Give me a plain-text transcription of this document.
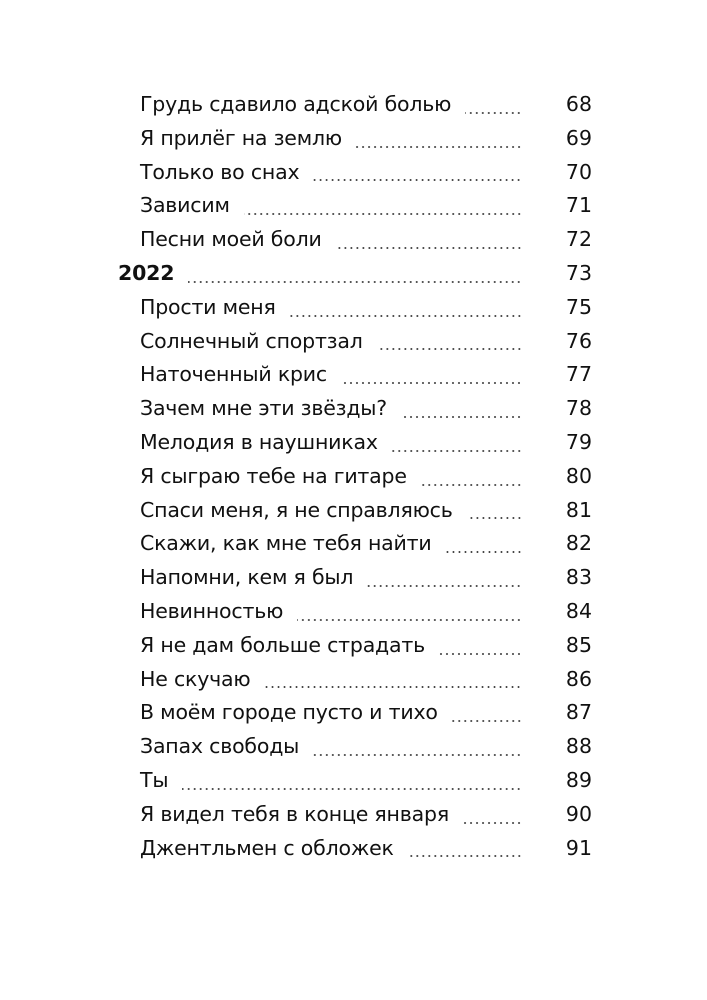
Грудь сдавило адской болью	68
Я прилёг на землю	69
Только во снах	70
Зависим	71
Песни моей боли	72
2022	73
Прости меня	75
Солнечный спортзал	76
Наточенный крис	77
Зачем мне эти звёзды?	78
Мелодия в наушниках	79
Я сыграю тебе на гитаре	80
Спаси меня, я не справляюсь	81
Скажи, как мне тебя найти	82
Напомни, кем я был	83
Невинностью	84
Я не дам больше страдать	85
Не скучаю	86
В моём городе пусто и тихо	87
Запах свободы	88
Ты	89
Я видел тебя в конце января	90
Джентльмен с обложек	91
